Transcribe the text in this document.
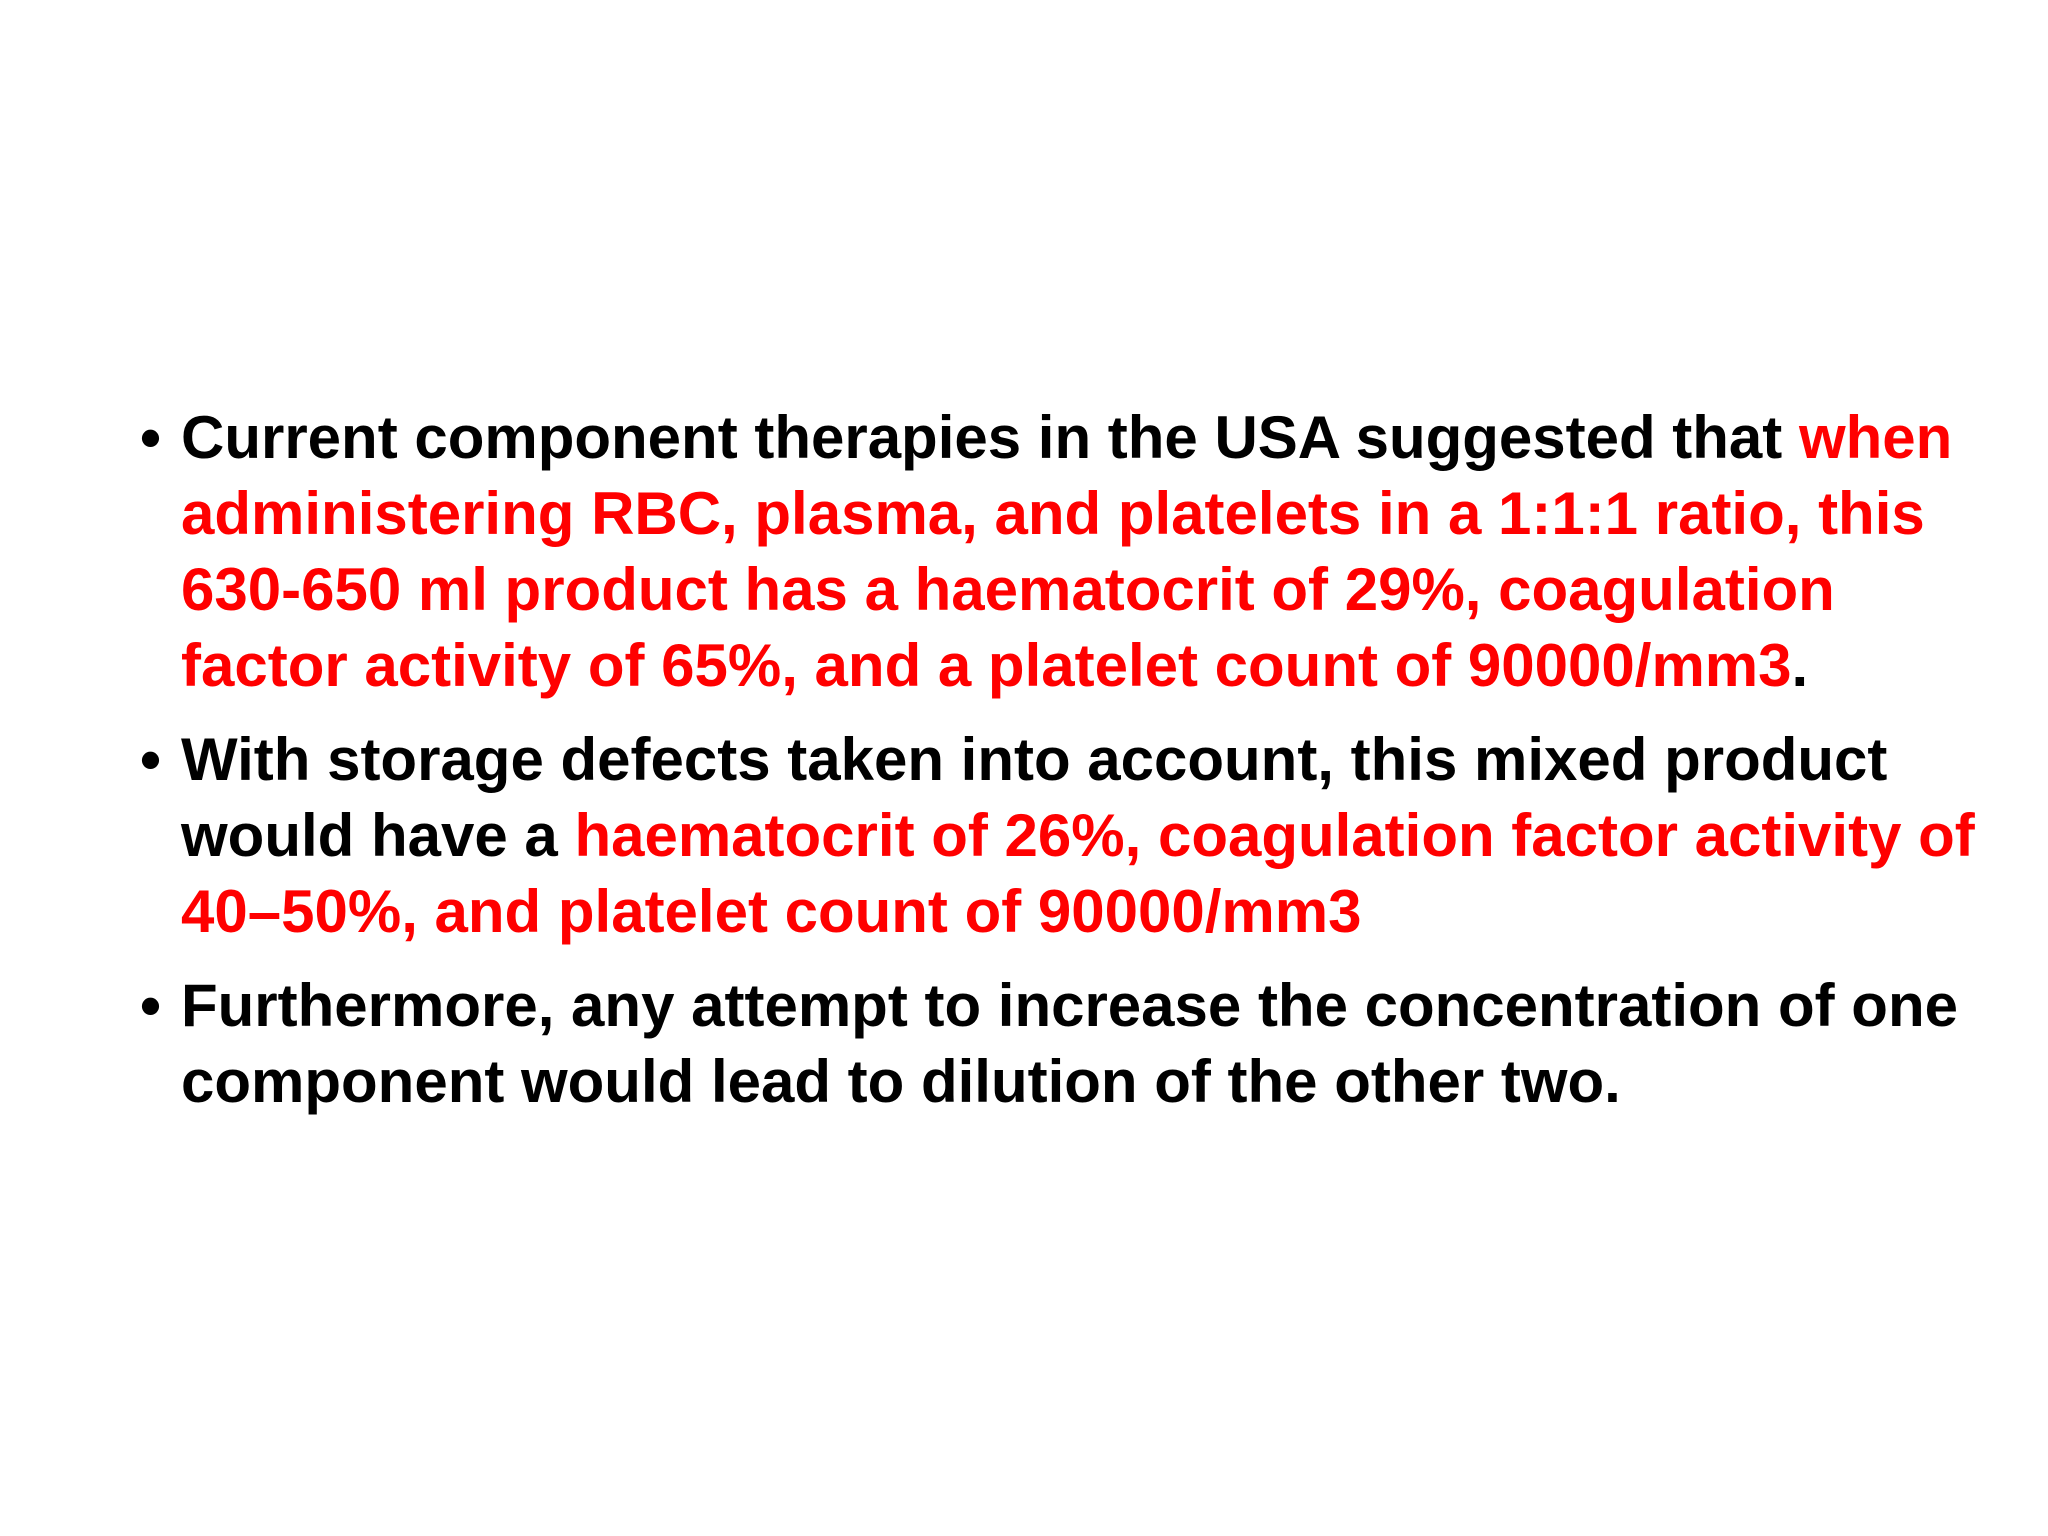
• Current component therapies in the USA suggested that when administering RBC, plasma, and platelets in a 1:1:1 ratio, this 630-650 ml product has a haematocrit of 29%, coagulation factor activity of 65%, and a platelet count of 90000/mm3.
• With storage defects taken into account, this mixed product would have a haematocrit of 26%, coagulation factor activity of 40–50%, and platelet count of 90000/mm3
• Furthermore, any attempt to increase the concentration of one component would lead to dilution of the other two.
